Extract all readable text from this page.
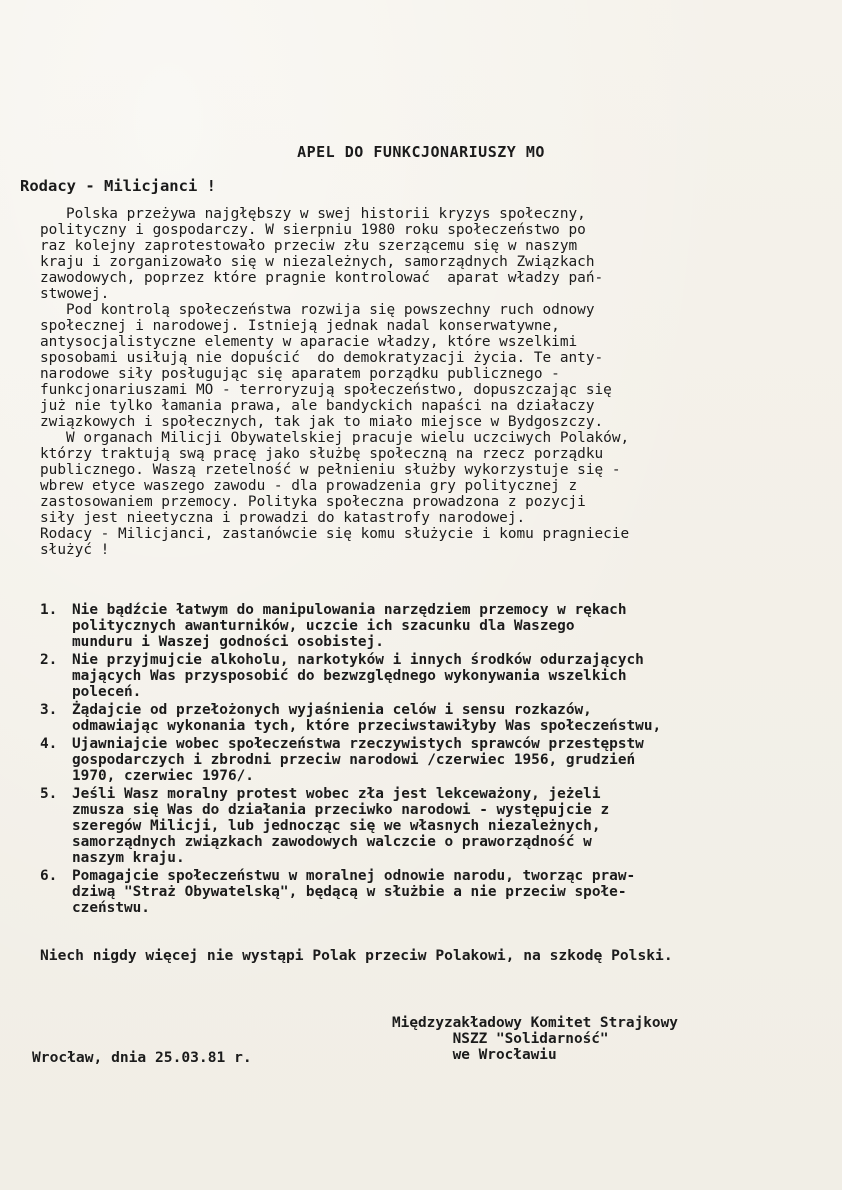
APEL DO FUNKCJONARIUSZY MO
Rodacy - Milicjanci !
Polska przeżywa najgłębszy w swej historii kryzys społeczny,
polityczny i gospodarczy. W sierpniu 1980 roku społeczeństwo po
raz kolejny zaprotestowało przeciw złu szerzącemu się w naszym
kraju i zorganizowało się w niezależnych, samorządnych Związkach
zawodowych, poprzez które pragnie kontrolować  aparat władzy pań-
stwowej.
Pod kontrolą społeczeństwa rozwija się powszechny ruch odnowy
społecznej i narodowej. Istnieją jednak nadal konserwatywne,
antysocjalistyczne elementy w aparacie władzy, które wszelkimi
sposobami usiłują nie dopuścić  do demokratyzacji życia. Te anty-
narodowe siły posługując się aparatem porządku publicznego -
funkcjonariuszami MO - terroryzują społeczeństwo, dopuszczając się
już nie tylko łamania prawa, ale bandyckich napaści na działaczy
związkowych i społecznych, tak jak to miało miejsce w Bydgoszczy.
W organach Milicji Obywatelskiej pracuje wielu uczciwych Polaków,
którzy traktują swą pracę jako służbę społeczną na rzecz porządku
publicznego. Waszą rzetelność w pełnieniu służby wykorzystuje się -
wbrew etyce waszego zawodu - dla prowadzenia gry politycznej z
zastosowaniem przemocy. Polityka społeczna prowadzona z pozycji
siły jest nieetyczna i prowadzi do katastrofy narodowej.
Rodacy - Milicjanci, zastanówcie się komu służycie i komu pragniecie
służyć !
1. Nie bądźcie łatwym do manipulowania narzędziem przemocy w rękach
politycznych awanturników, uczcie ich szacunku dla Waszego
munduru i Waszej godności osobistej.
2. Nie przyjmujcie alkoholu, narkotyków i innych środków odurzających
mających Was przysposobić do bezwzględnego wykonywania wszelkich
poleceń.
3. Żądajcie od przełożonych wyjaśnienia celów i sensu rozkazów,
odmawiając wykonania tych, które przeciwstawiłyby Was społeczeństwu,
4. Ujawniajcie wobec społeczeństwa rzeczywistych sprawców przestępstw
gospodarczych i zbrodni przeciw narodowi /czerwiec 1956, grudzień
1970, czerwiec 1976/.
5. Jeśli Wasz moralny protest wobec zła jest lekceważony, jeżeli
zmusza się Was do działania przeciwko narodowi - występujcie z
szeregów Milicji, lub jednocząc się we własnych niezależnych,
samorządnych związkach zawodowych walczcie o praworządność w
naszym kraju.
6. Pomagajcie społeczeństwu w moralnej odnowie narodu, tworząc praw-
dziwą "Straż Obywatelską", będącą w służbie a nie przeciw społe-
czeństwu.
Niech nigdy więcej nie wystąpi Polak przeciw Polakowi, na szkodę Polski.
Międzyzakładowy Komitet Strajkowy
NSZZ "Solidarność"
we Wrocławiu
Wrocław, dnia 25.03.81 r.
